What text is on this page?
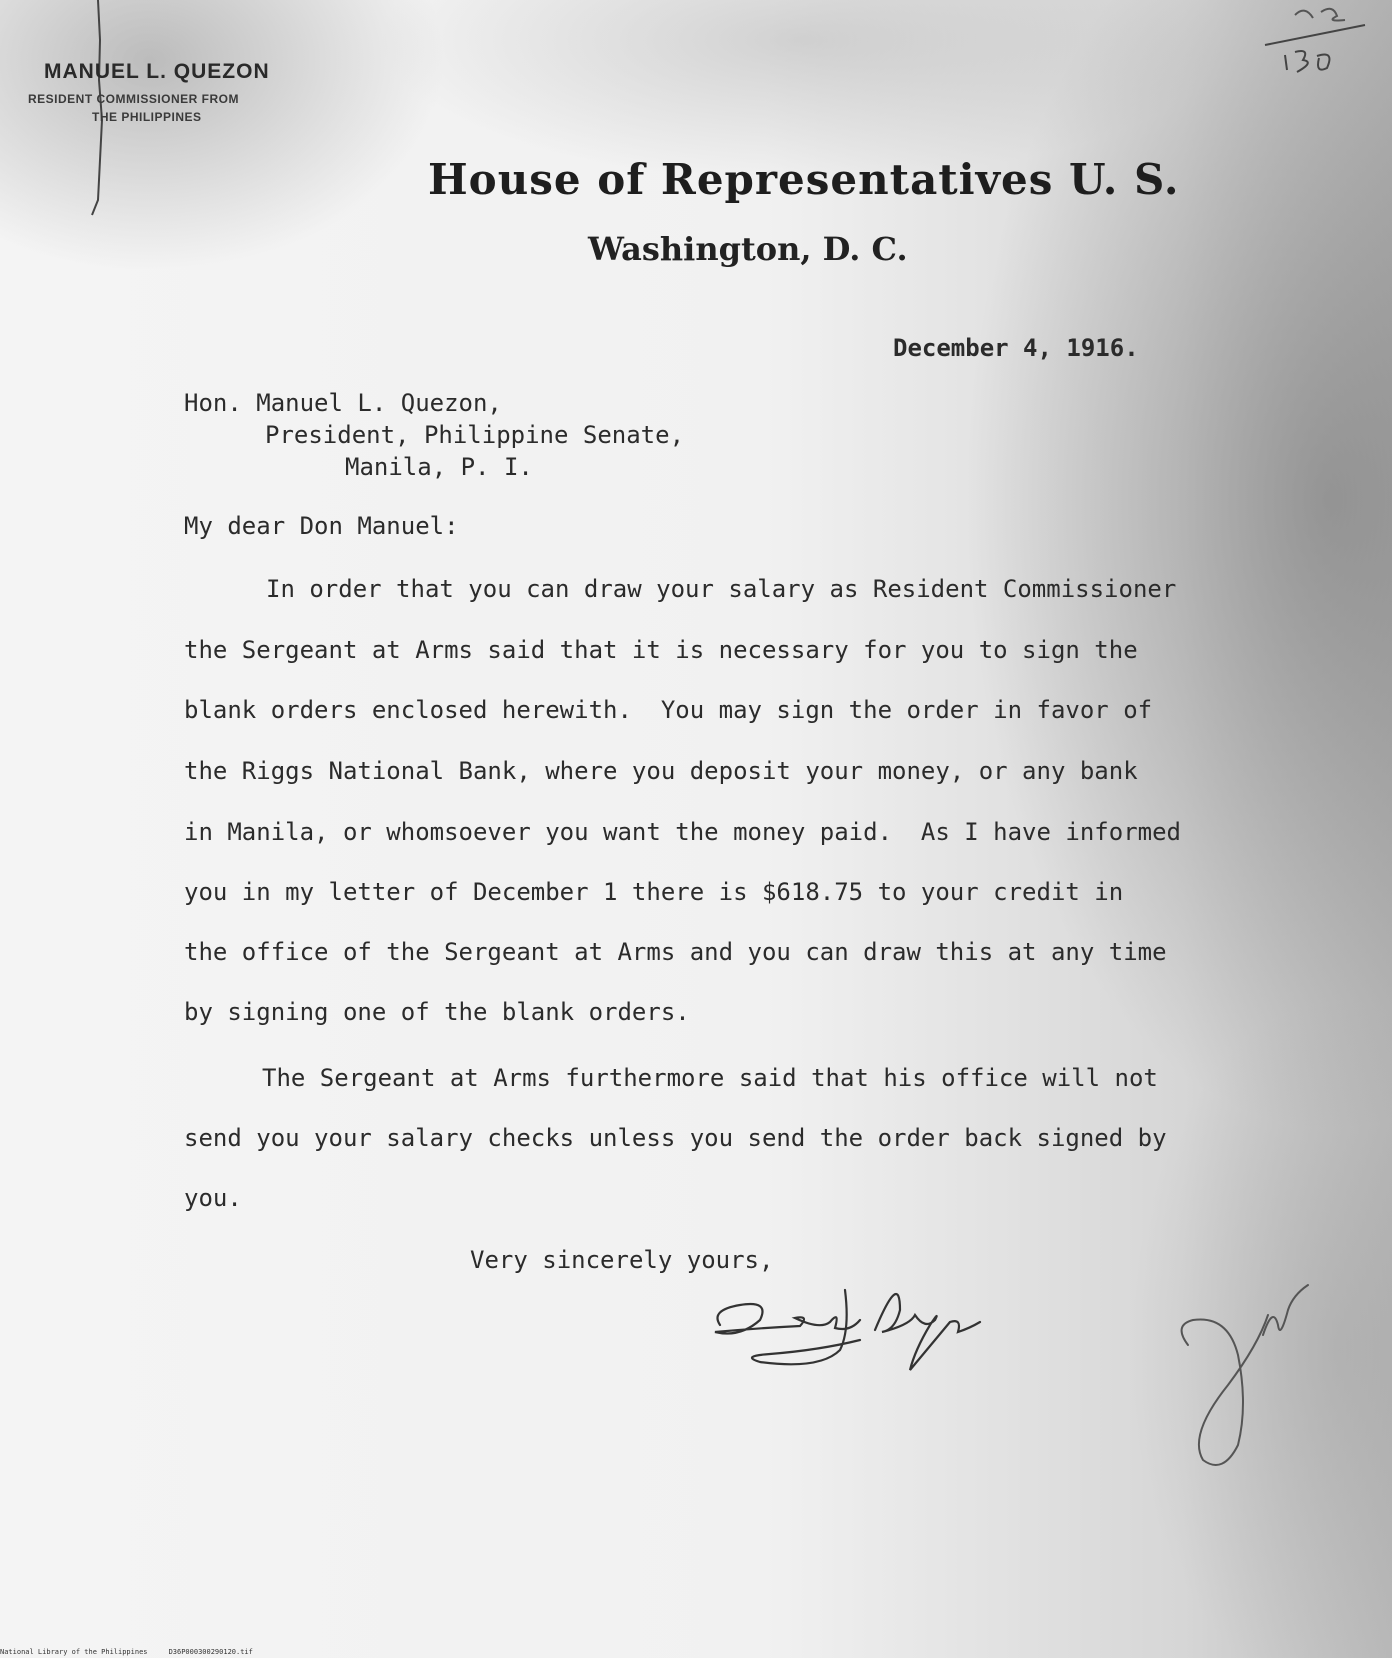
MANUEL L. QUEZON
RESIDENT COMMISSIONER FROM
THE PHILIPPINES
House of Representatives U. S.
Washington, D. C.
December 4, 1916.
Hon. Manuel L. Quezon,
President, Philippine Senate,
Manila, P. I.
My dear Don Manuel:
In order that you can draw your salary as Resident Commissioner
the Sergeant at Arms said that it is necessary for you to sign the
blank orders enclosed herewith.  You may sign the order in favor of
the Riggs National Bank, where you deposit your money, or any bank
in Manila, or whomsoever you want the money paid.  As I have informed
you in my letter of December 1 there is $618.75 to your credit in
the office of the Sergeant at Arms and you can draw this at any time
by signing one of the blank orders.
The Sergeant at Arms furthermore said that his office will not
send you your salary checks unless you send the order back signed by
you.
Very sincerely yours,
National Library of the Philippines     D36P000300290120.tif
